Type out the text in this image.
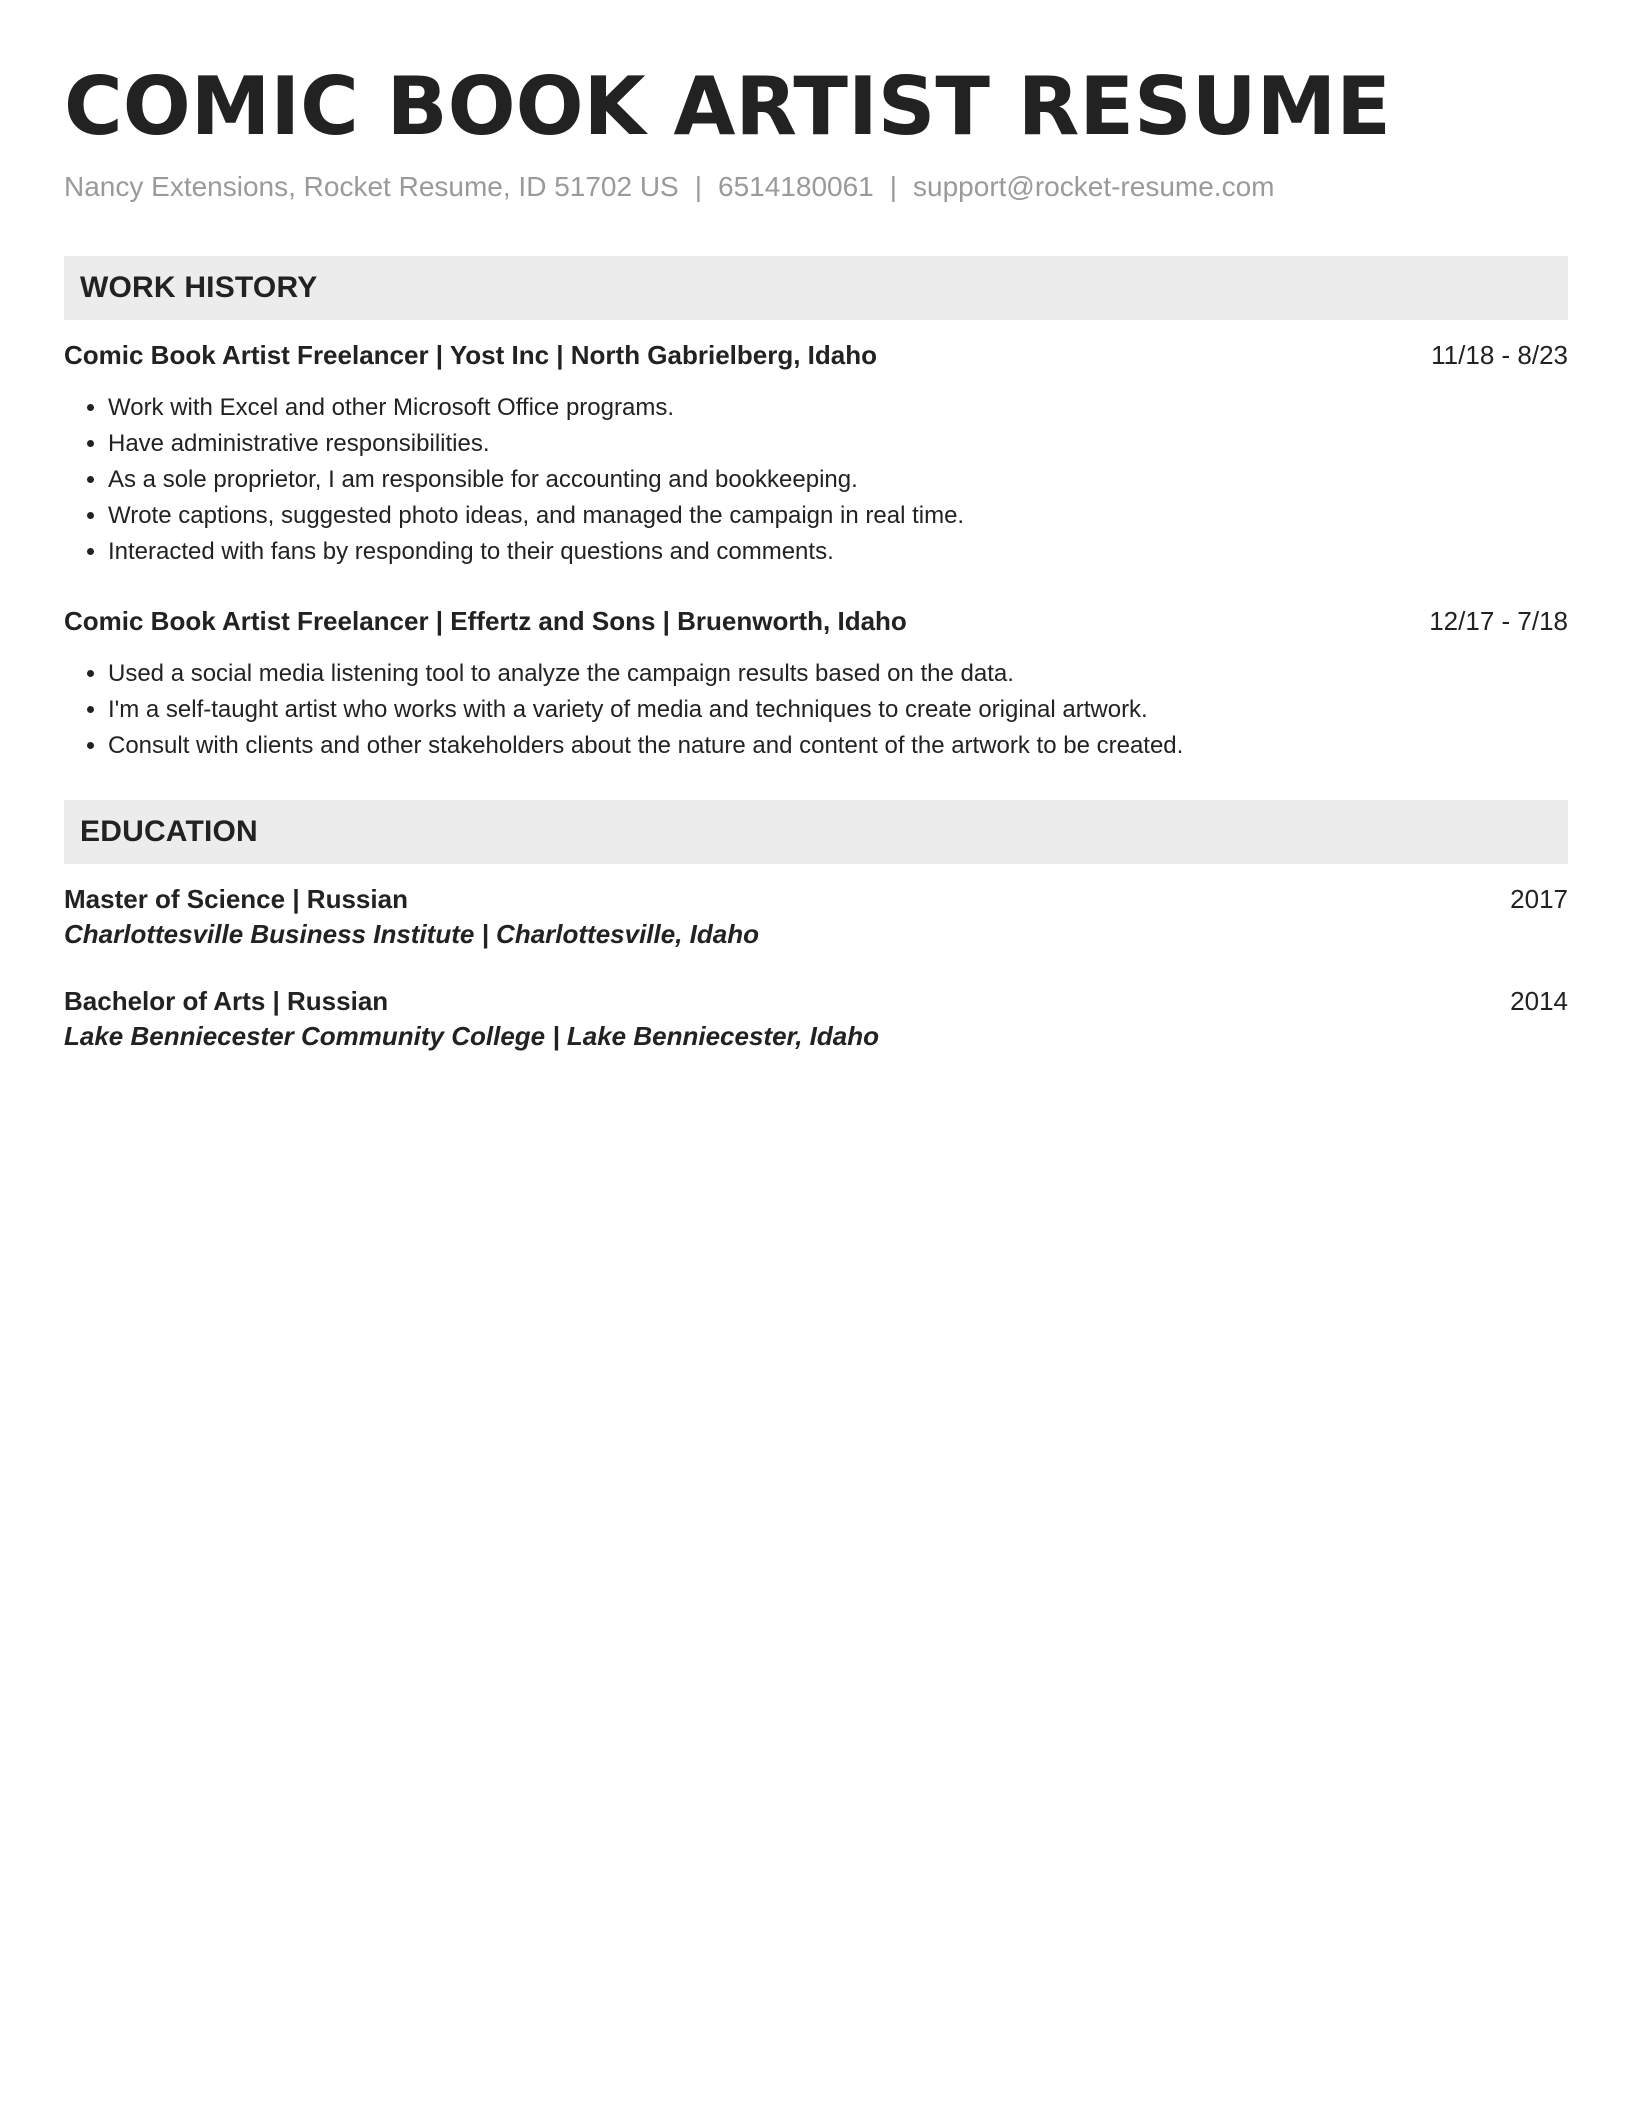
COMIC BOOK ARTIST RESUME
Nancy Extensions, Rocket Resume, ID 51702 US | 6514180061 | support@rocket-resume.com
WORK HISTORY
Comic Book Artist Freelancer | Yost Inc | North Gabrielberg, Idaho	11/18 - 8/23
• Work with Excel and other Microsoft Office programs.
• Have administrative responsibilities.
• As a sole proprietor, I am responsible for accounting and bookkeeping.
• Wrote captions, suggested photo ideas, and managed the campaign in real time.
• Interacted with fans by responding to their questions and comments.
Comic Book Artist Freelancer | Effertz and Sons | Bruenworth, Idaho	12/17 - 7/18
• Used a social media listening tool to analyze the campaign results based on the data.
• I'm a self-taught artist who works with a variety of media and techniques to create original artwork.
• Consult with clients and other stakeholders about the nature and content of the artwork to be created.
EDUCATION
Master of Science | Russian	2017
Charlottesville Business Institute | Charlottesville, Idaho
Bachelor of Arts | Russian	2014
Lake Benniecester Community College | Lake Benniecester, Idaho
